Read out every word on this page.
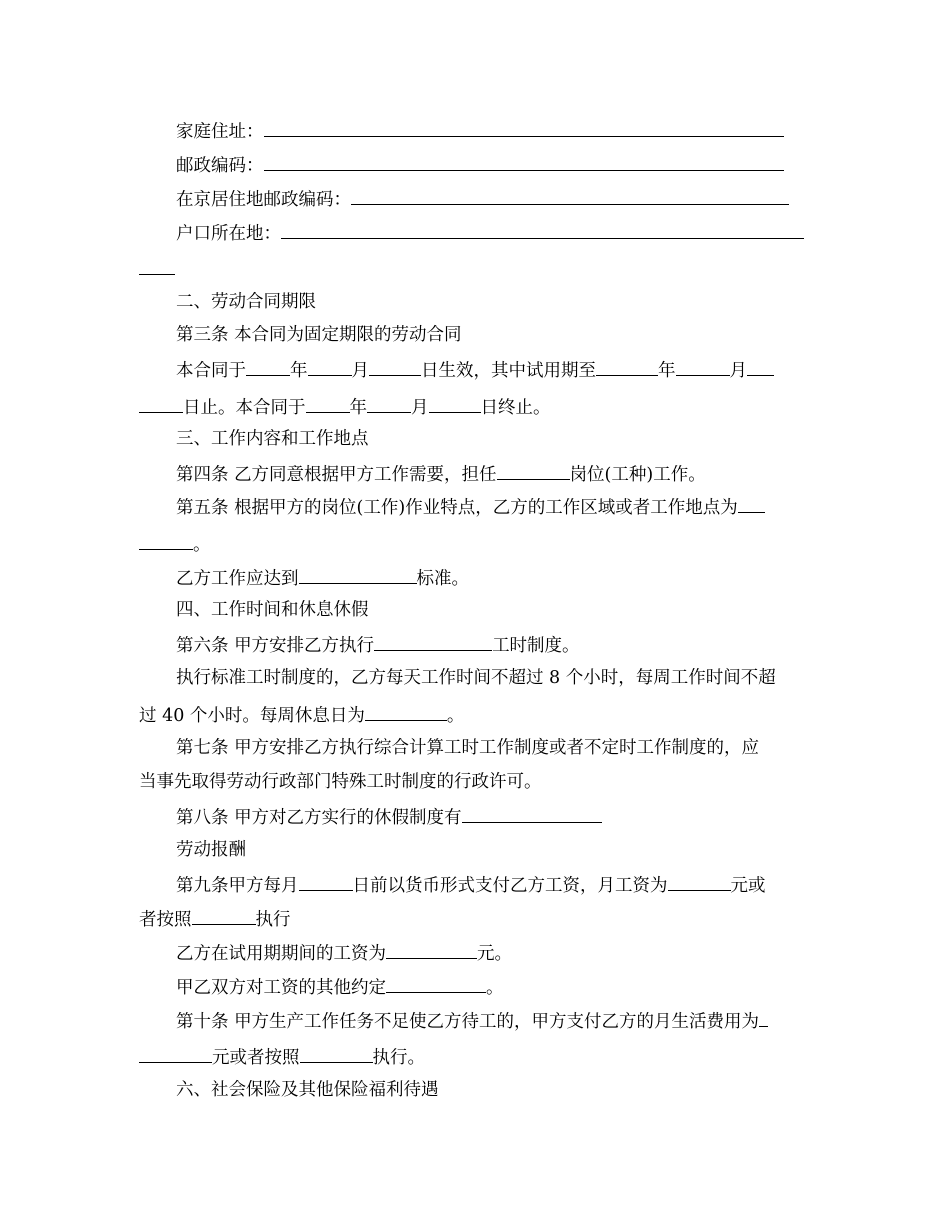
家庭住址：
邮政编码：
在京居住地邮政编码：
户口所在地：
二、劳动合同期限
第三条 本合同为固定期限的劳动合同
本合同于	年	月	日生效，其中试用期至	年	月
日止。本合同于	年	月	日终止。
三、工作内容和工作地点
第四条 乙方同意根据甲方工作需要，担任	岗位(工种)工作。
第五条 根据甲方的岗位(工作)作业特点，乙方的工作区域或者工作地点为
。
乙方工作应达到	标准。
四、工作时间和休息休假
第六条 甲方安排乙方执行	工时制度。
执行标准工时制度的，乙方每天工作时间不超过 8 个小时，每周工作时间不超
过 40 个小时。每周休息日为	。
第七条 甲方安排乙方执行综合计算工时工作制度或者不定时工作制度的，应
当事先取得劳动行政部门特殊工时制度的行政许可。
第八条 甲方对乙方实行的休假制度有
劳动报酬
第九条甲方每月	日前以货币形式支付乙方工资，月工资为	元或
者按照	执行
乙方在试用期期间的工资为	元。
甲乙双方对工资的其他约定	。
第十条 甲方生产工作任务不足使乙方待工的，甲方支付乙方的月生活费用为
元或者按照	执行。
六、社会保险及其他保险福利待遇
